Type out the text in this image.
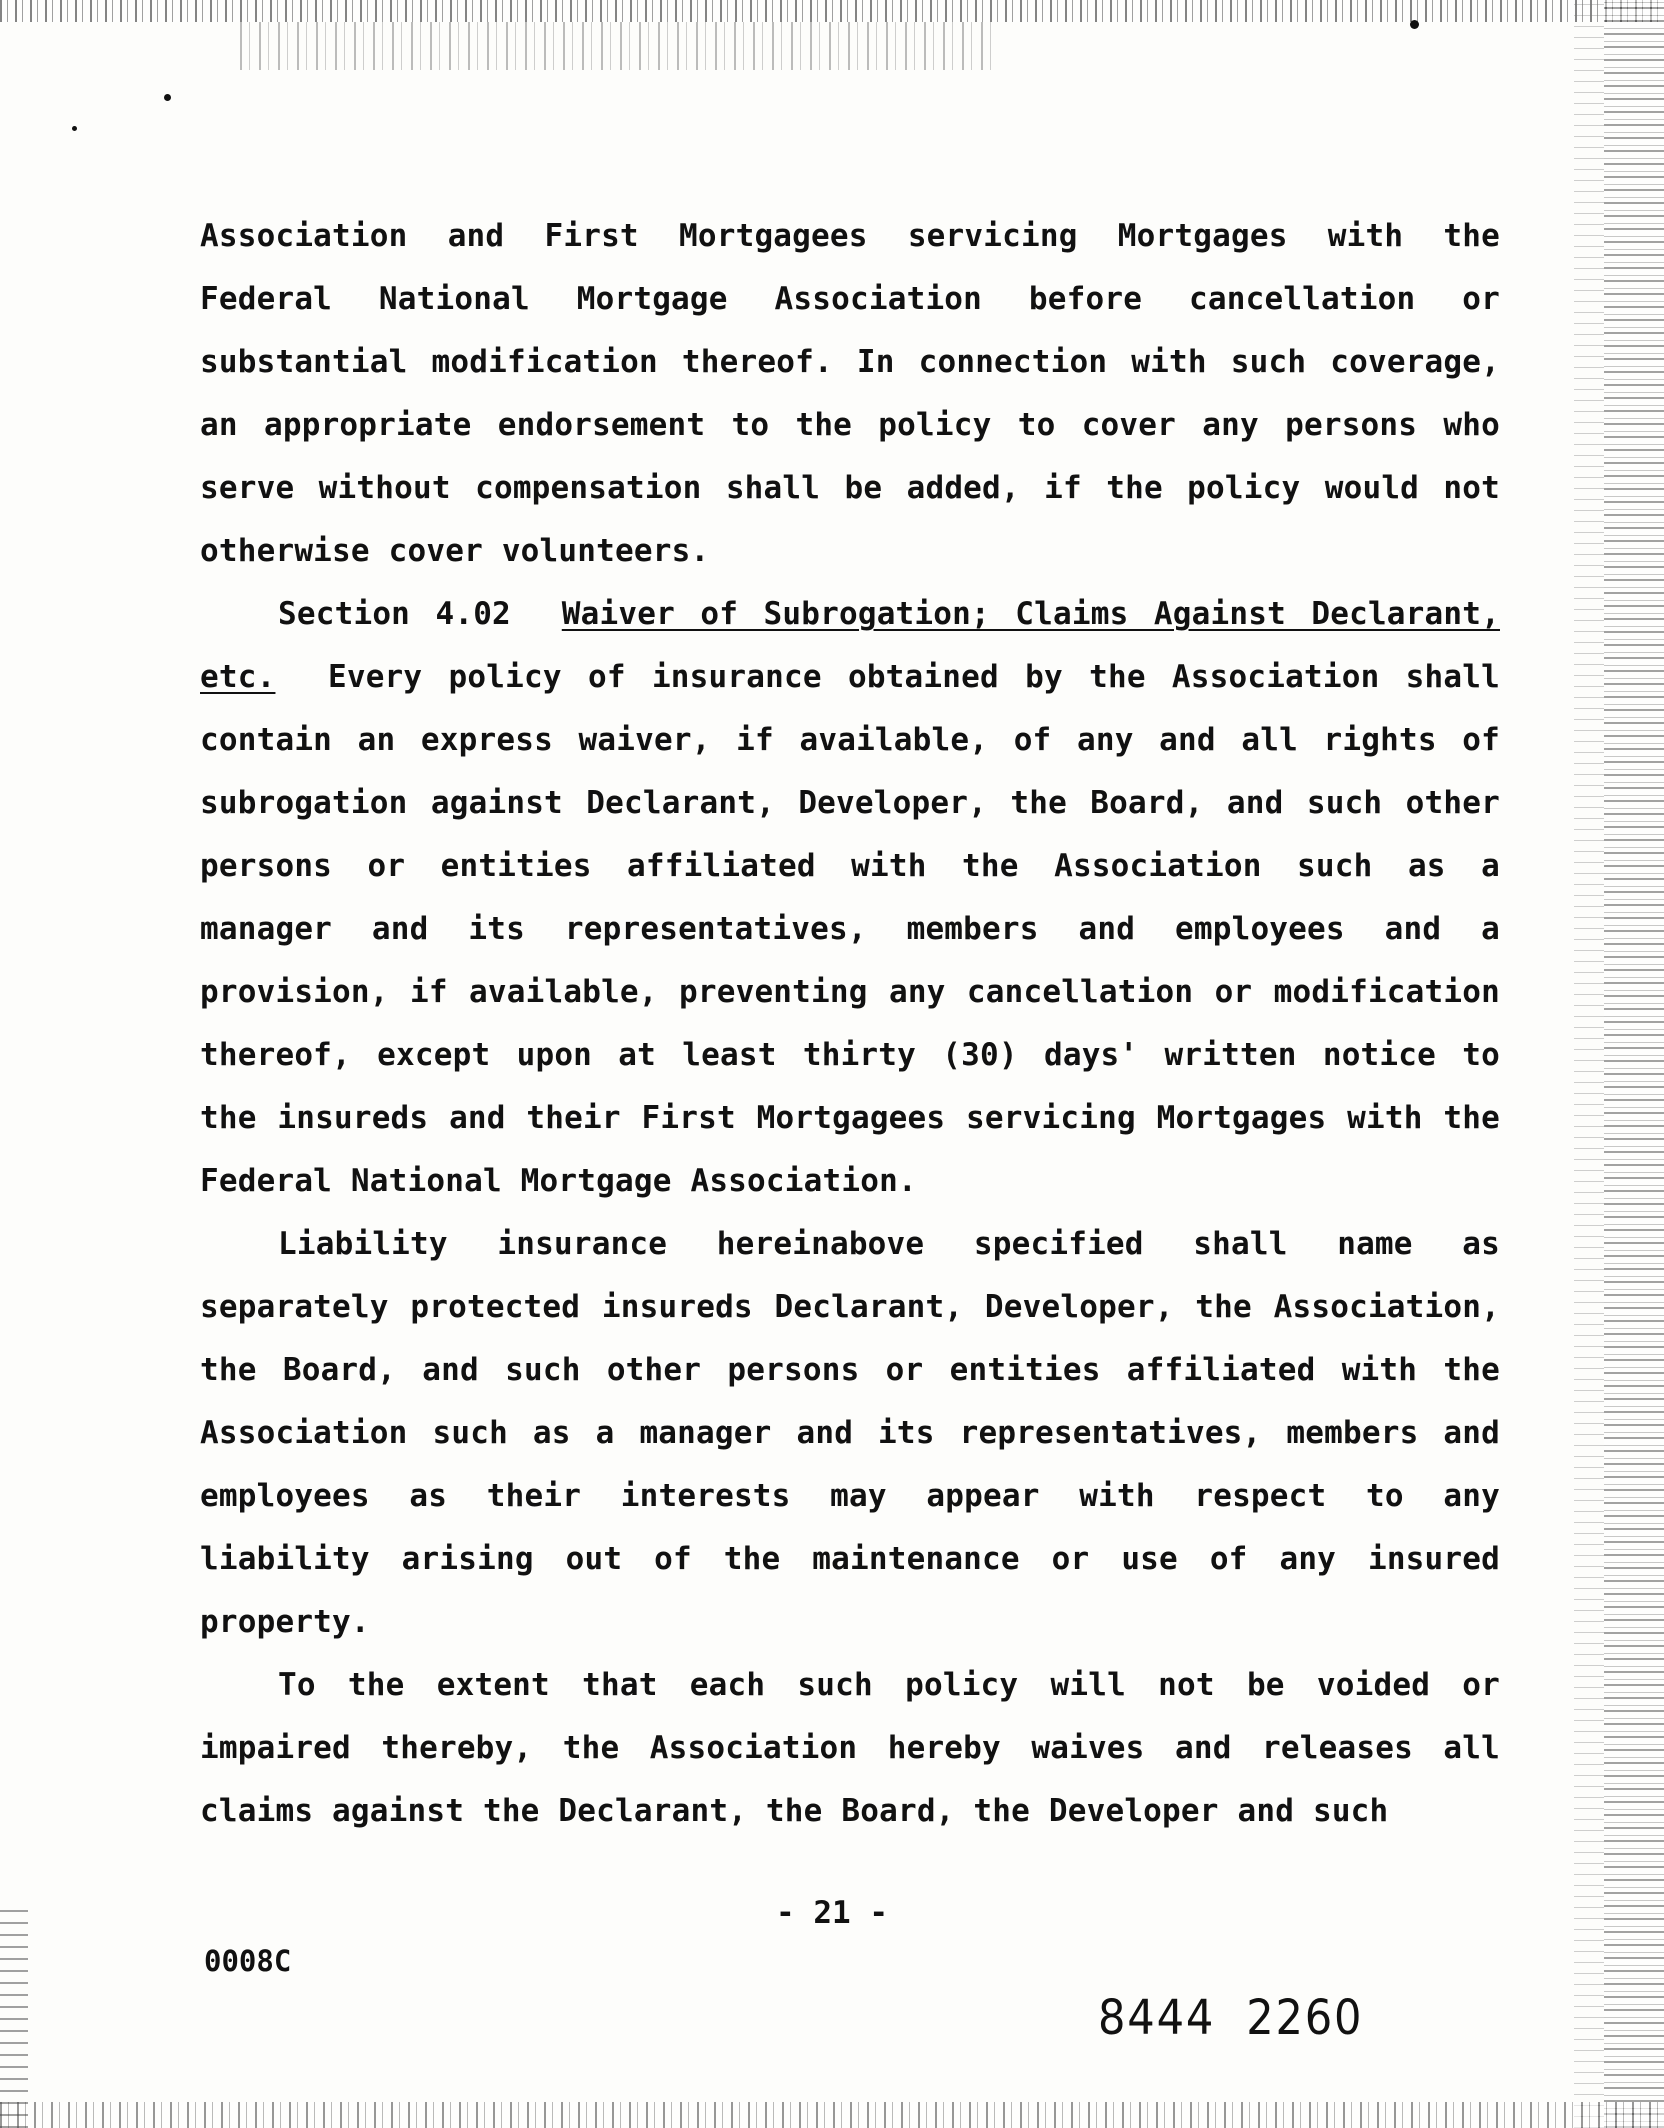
Association and First Mortgagees servicing Mortgages with the Federal National Mortgage Association before cancellation or substantial modification thereof. In connection with such coverage, an appropriate endorsement to the policy to cover any persons who serve without compensation shall be added, if the policy would not otherwise cover volunteers.

Section 4.02 Waiver of Subrogation; Claims Against Declarant, etc. Every policy of insurance obtained by the Association shall contain an express waiver, if available, of any and all rights of subrogation against Declarant, Developer, the Board, and such other persons or entities affiliated with the Association such as a manager and its representatives, members and employees and a provision, if available, preventing any cancellation or modification thereof, except upon at least thirty (30) days' written notice to the insureds and their First Mortgagees servicing Mortgages with the Federal National Mortgage Association.

Liability insurance hereinabove specified shall name as separately protected insureds Declarant, Developer, the Association, the Board, and such other persons or entities affiliated with the Association such as a manager and its representatives, members and employees as their interests may appear with respect to any liability arising out of the maintenance or use of any insured property.

To the extent that each such policy will not be voided or impaired thereby, the Association hereby waives and releases all claims against the Declarant, the Board, the Developer and such

- 21 -
0008C
8444  2260
